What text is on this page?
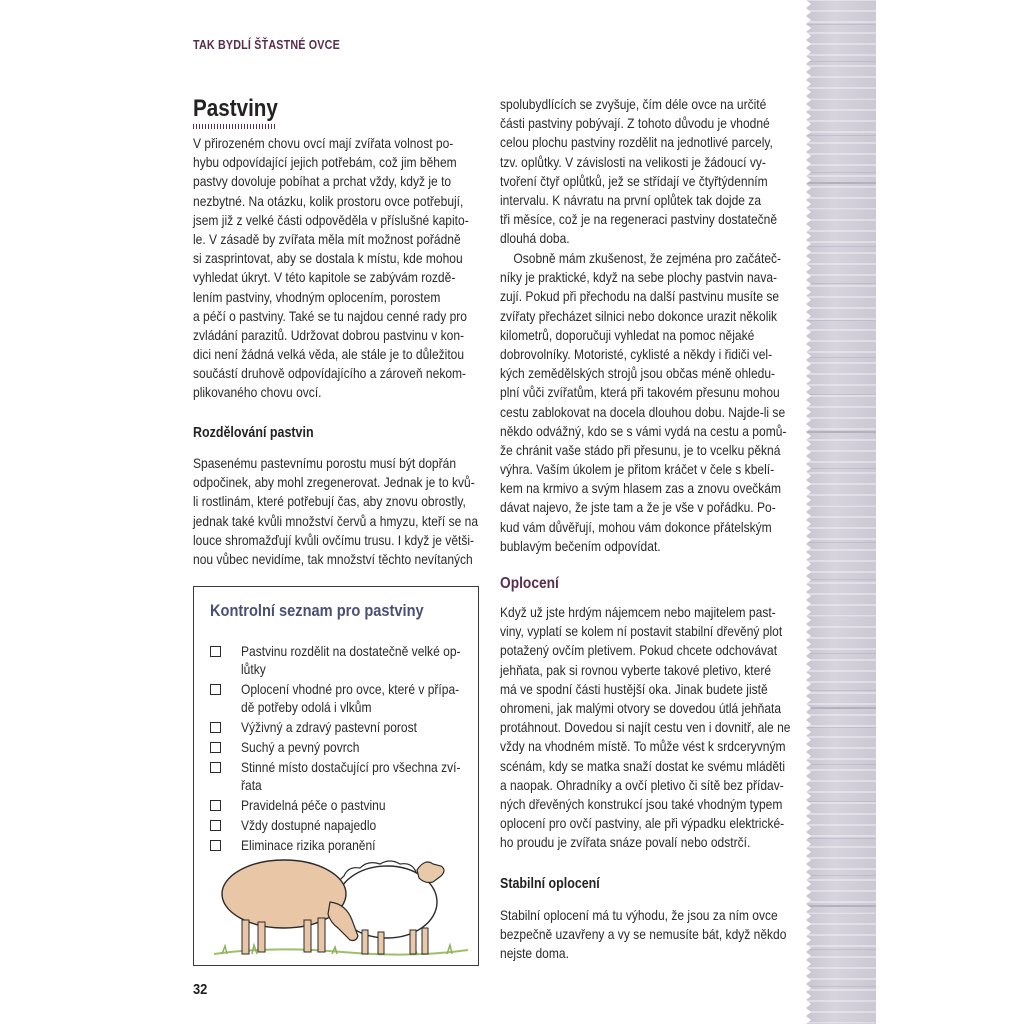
TAK BYDLÍ ŠŤASTNÉ OVCE
Pastviny
V přirozeném chovu ovcí mají zvířata volnost po-
hybu odpovídající jejich potřebám, což jim během
pastvy dovoluje pobíhat a prchat vždy, když je to
nezbytné. Na otázku, kolik prostoru ovce potřebují,
jsem již z velké části odpověděla v příslušné kapito-
le. V zásadě by zvířata měla mít možnost pořádně
si zasprintovat, aby se dostala k místu, kde mohou
vyhledat úkryt. V této kapitole se zabývám rozdě-
lením pastviny, vhodným oplocením, porostem
a péčí o pastviny. Také se tu najdou cenné rady pro
zvládání parazitů. Udržovat dobrou pastvinu v kon-
dici není žádná velká věda, ale stále je to důležitou
součástí druhově odpovídajícího a zároveň nekom-
plikovaného chovu ovcí.
Rozdělování pastvin
Spasenému pastevnímu porostu musí být dopřán
odpočinek, aby mohl zregenerovat. Jednak je to kvů-
li rostlinám, které potřebují čas, aby znovu obrostly,
jednak také kvůli množství červů a hmyzu, kteří se na
louce shromažďují kvůli ovčímu trusu. I když je větši-
nou vůbec nevidíme, tak množství těchto nevítaných
Kontrolní seznam pro pastviny
Pastvinu rozdělit na dostatečně velké op-
lůtky
Oplocení vhodné pro ovce, které v přípa-
dě potřeby odolá i vlkům
Výživný a zdravý pastevní porost
Suchý a pevný povrch
Stinné místo dostačující pro všechna zví-
řata
Pravidelná péče o pastvinu
Vždy dostupné napajedlo
Eliminace rizika poranění
spolubydlících se zvyšuje, čím déle ovce na určité
části pastviny pobývají. Z tohoto důvodu je vhodné
celou plochu pastviny rozdělit na jednotlivé parcely,
tzv. oplůtky. V závislosti na velikosti je žádoucí vy-
tvoření čtyř oplůtků, jež se střídají ve čtyřtýdenním
intervalu. K návratu na první oplůtek tak dojde za
tři měsíce, což je na regeneraci pastviny dostatečně
dlouhá doba.
Osobně mám zkušenost, že zejména pro začáteč-
níky je praktické, když na sebe plochy pastvin nava-
zují. Pokud při přechodu na další pastvinu musíte se
zvířaty přecházet silnici nebo dokonce urazit několik
kilometrů, doporučuji vyhledat na pomoc nějaké
dobrovolníky. Motoristé, cyklisté a někdy i řidiči vel-
kých zemědělských strojů jsou občas méně ohledu-
plní vůči zvířatům, která při takovém přesunu mohou
cestu zablokovat na docela dlouhou dobu. Najde-li se
někdo odvážný, kdo se s vámi vydá na cestu a pomů-
že chránit vaše stádo při přesunu, je to vcelku pěkná
výhra. Vaším úkolem je přitom kráčet v čele s kbelí-
kem na krmivo a svým hlasem zas a znovu ovečkám
dávat najevo, že jste tam a že je vše v pořádku. Po-
kud vám důvěřují, mohou vám dokonce přátelským
bublavým bečením odpovídat.
Oplocení
Když už jste hrdým nájemcem nebo majitelem past-
viny, vyplatí se kolem ní postavit stabilní dřevěný plot
potažený ovčím pletivem. Pokud chcete odchovávat
jehňata, pak si rovnou vyberte takové pletivo, které
má ve spodní části hustější oka. Jinak budete jistě
ohromeni, jak malými otvory se dovedou útlá jehňata
protáhnout. Dovedou si najít cestu ven i dovnitř, ale ne
vždy na vhodném místě. To může vést k srdceryvným
scénám, kdy se matka snaží dostat ke svému mláděti
a naopak. Ohradníky a ovčí pletivo či sítě bez přídav-
ných dřevěných konstrukcí jsou také vhodným typem
oplocení pro ovčí pastviny, ale při výpadku elektrické-
ho proudu je zvířata snáze povalí nebo odstrčí.
Stabilní oplocení
Stabilní oplocení má tu výhodu, že jsou za ním ovce
bezpečně uzavřeny a vy se nemusíte bát, když někdo
nejste doma.
32
